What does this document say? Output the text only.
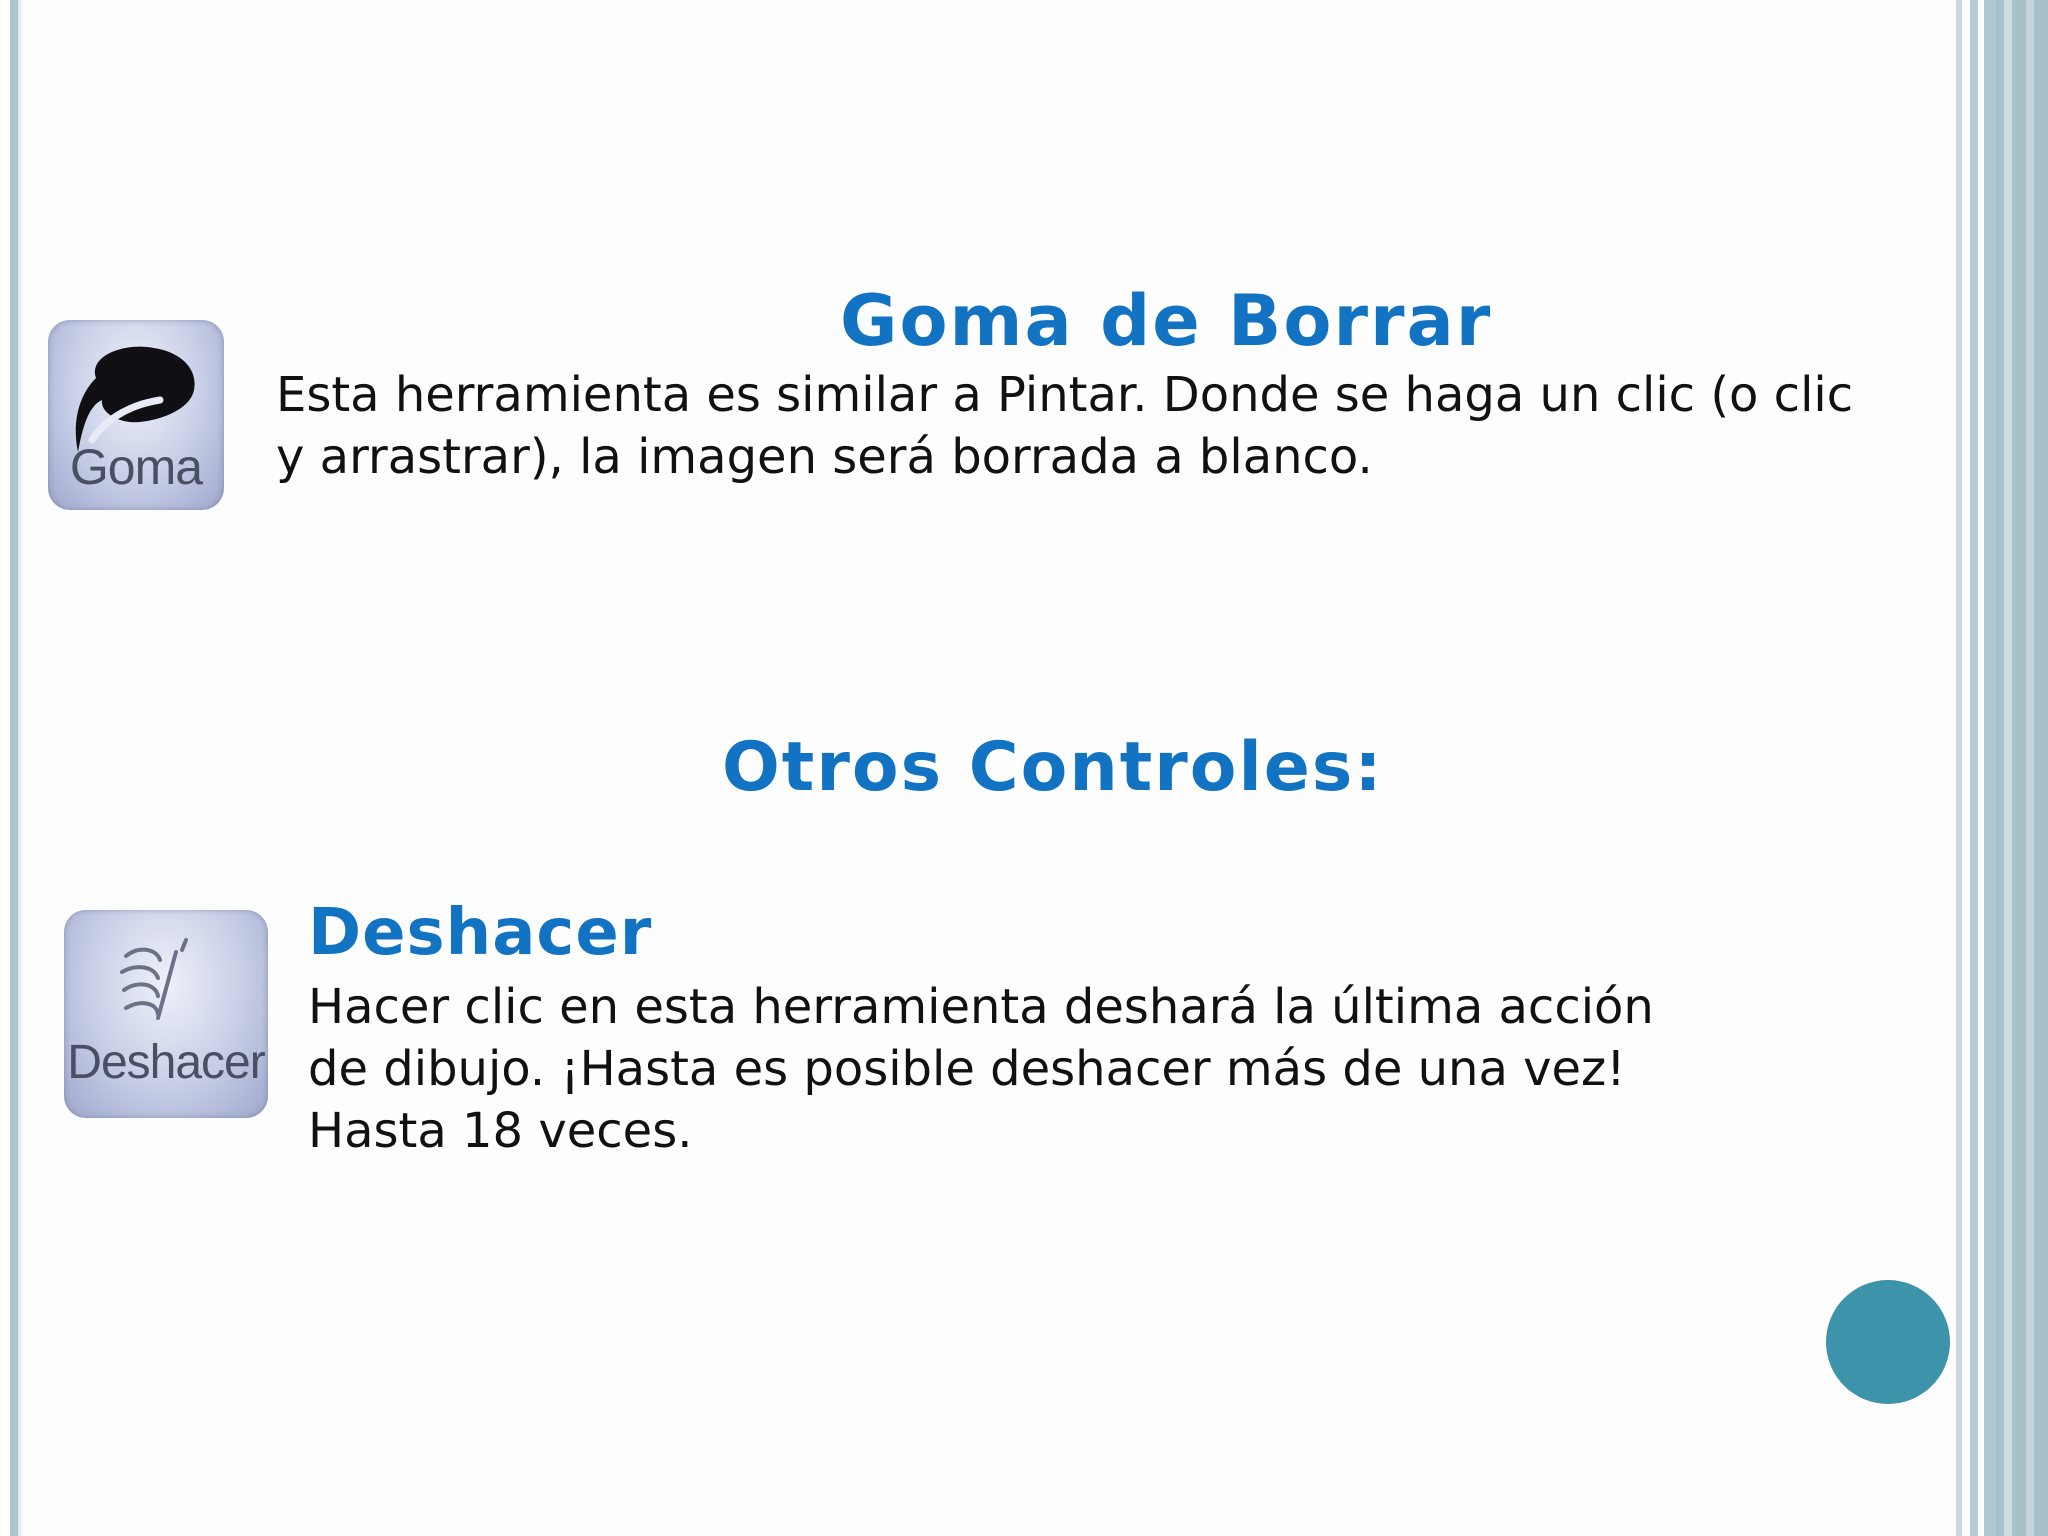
Goma
Goma de Borrar
Esta herramienta es similar a Pintar. Donde se haga un clic (o clic y arrastrar), la imagen será borrada a blanco.
Otros Controles:
Deshacer
Deshacer
Hacer clic en esta herramienta deshará la última acción
de dibujo. ¡Hasta es posible deshacer más de una vez!
Hasta 18 veces.
